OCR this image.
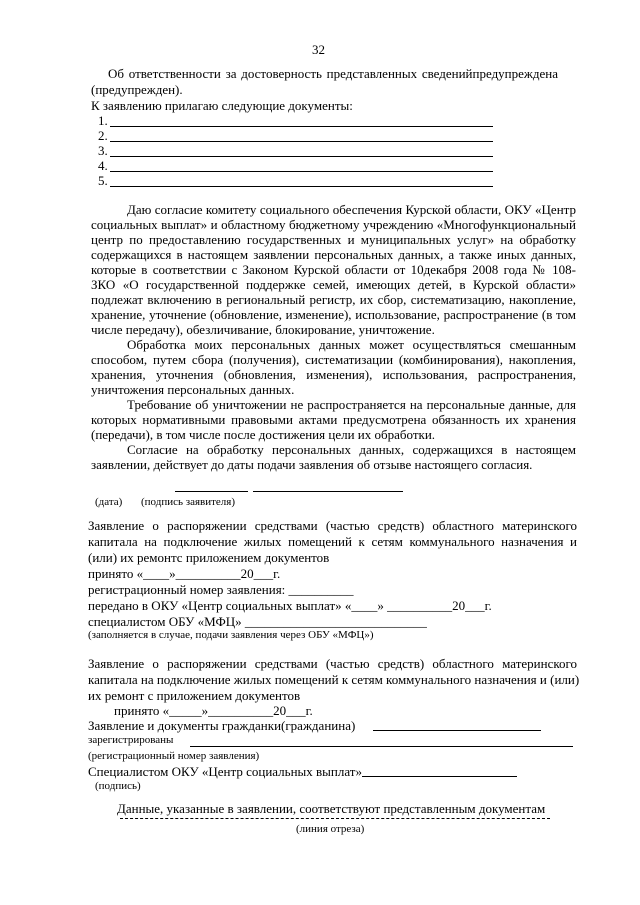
32
Об ответственности за достоверность представленных сведенийпредупреждена
(предупрежден).
К заявлению прилагаю следующие документы:
1.
2.
3.
4.
5.
Даю согласие комитету социального обеспечения Курской области, ОКУ «Центр
социальных выплат» и областному бюджетному учреждению «Многофункциональный
центр по предоставлению государственных и муниципальных услуг» на обработку
содержащихся в настоящем заявлении персональных данных, а также иных данных,
которые в соответствии с Законом Курской области от 10декабря 2008 года № 108-
ЗКО «О государственной поддержке семей, имеющих детей, в Курской области»
подлежат включению в региональный регистр, их сбор, систематизацию, накопление,
хранение, уточнение (обновление, изменение), использование, распространение (в том
числе передачу), обезличивание, блокирование, уничтожение.
Обработка моих персональных данных может осуществляться смешанным
способом, путем сбора (получения), систематизации (комбинирования), накопления,
хранения, уточнения (обновления, изменения), использования, распространения,
уничтожения персональных данных.
Требование об уничтожении не распространяется на персональные данные, для
которых нормативными правовыми актами предусмотрена обязанность их хранения
(передачи), в том числе после достижения цели их обработки.
Согласие на обработку персональных данных, содержащихся в настоящем
заявлении, действует до даты подачи заявления об отзыве настоящего согласия.
(дата) (подпись заявителя)
Заявление о распоряжении средствами (частью средств) областного материнского
капитала на подключение жилых помещений к сетям коммунального назначения и
(или) их ремонтс приложением документов
принято «____»__________20___г.
регистрационный номер заявления: __________
передано в ОКУ «Центр социальных выплат» «____» __________20___г.
специалистом ОБУ «МФЦ» ____________________________
(заполняется в случае, подачи заявления через ОБУ «МФЦ»)
Заявление о распоряжении средствами (частью средств) областного материнского
капитала на подключение жилых помещений к сетям коммунального назначения и (или)
их ремонт с приложением документов
принято «_____»__________20___г.
Заявление и документы гражданки(гражданина)
зарегистрированы
(регистрационный номер заявления)
Специалистом ОКУ «Центр социальных выплат»
(подпись)
Данные, указанные в заявлении, соответствуют представленным документам
(линия отреза)
